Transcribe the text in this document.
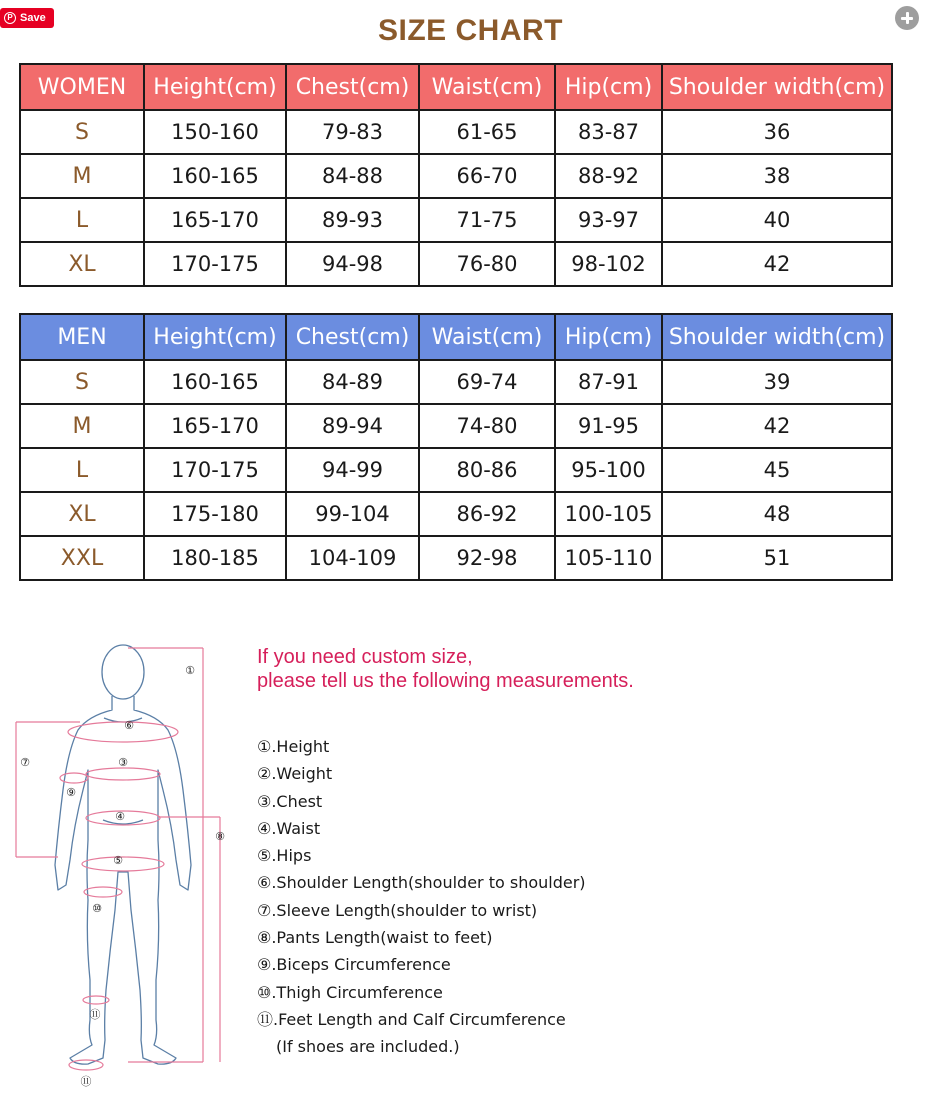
P Save	SIZE CHART
WOMEN	Height(cm)	Chest(cm)	Waist(cm)	Hip(cm)	Shoulder width(cm)
S	150-160	79-83	61-65	83-87	36
M	160-165	84-88	66-70	88-92	38
L	165-170	89-93	71-75	93-97	40
XL	170-175	94-98	76-80	98-102	42
MEN	Height(cm)	Chest(cm)	Waist(cm)	Hip(cm)	Shoulder width(cm)
S	160-165	84-89	69-74	87-91	39
M	165-170	89-94	74-80	91-95	42
L	170-175	94-99	80-86	95-100	45
XL	175-180	99-104	86-92	100-105	48
XXL	180-185	104-109	92-98	105-110	51
①
⑥
⑦	③
⑨
④
⑧
⑤
⑩
⑪
⑪
If you need custom size,
please tell us the following measurements.
①.Height
②.Weight
③.Chest
④.Waist
⑤.Hips
⑥.Shoulder Length(shoulder to shoulder)
⑦.Sleeve Length(shoulder to wrist)
⑧.Pants Length(waist to feet)
⑨.Biceps Circumference
⑩.Thigh Circumference
⑪.Feet Length and Calf Circumference
(If shoes are included.)
